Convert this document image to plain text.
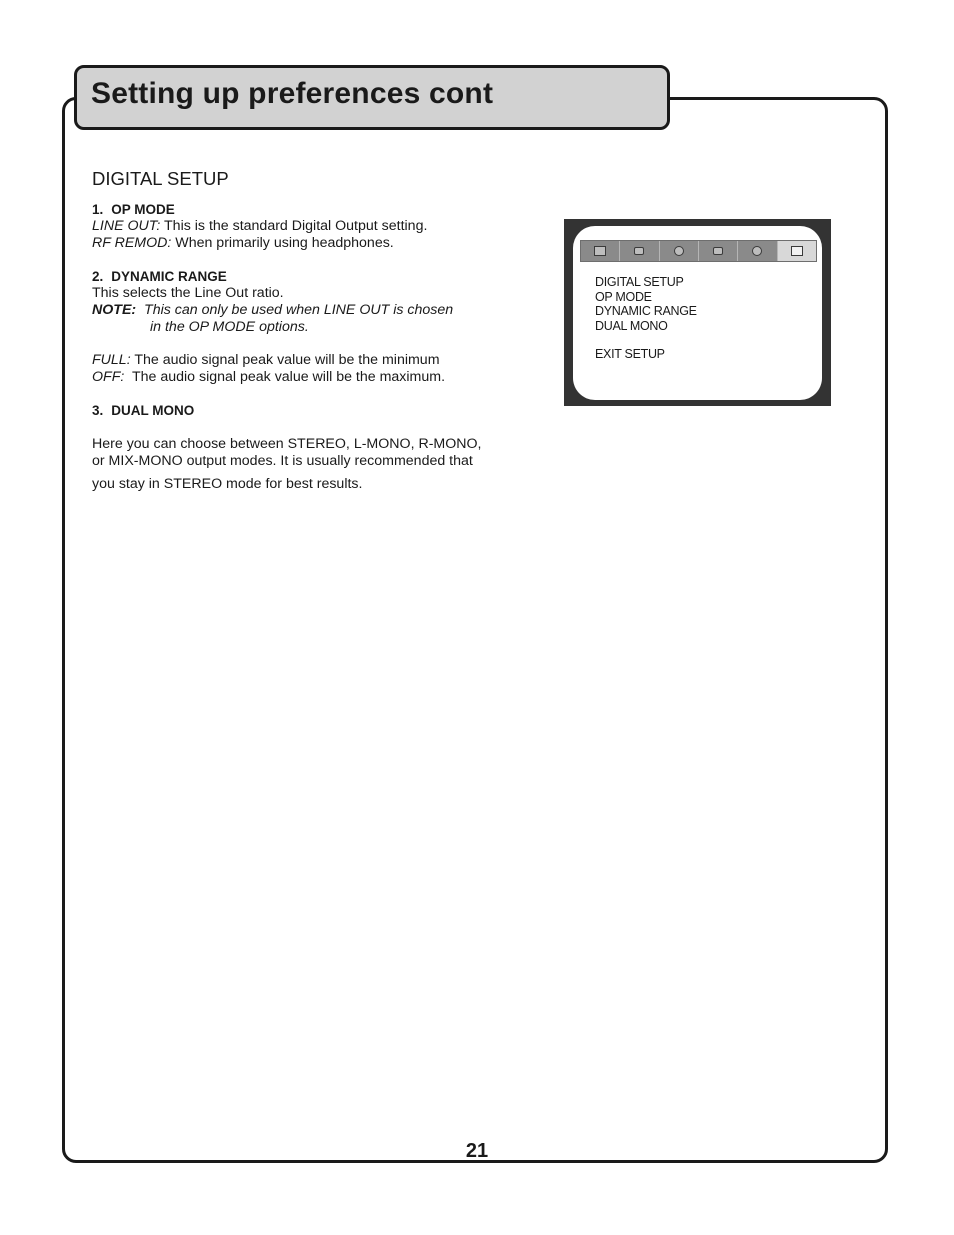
Setting up preferences cont
DIGITAL SETUP

1. OP MODE

LINE OUT: This is the standard Digital Output setting.

RF REMOD: When primarily using headphones.

2. DYNAMIC RANGE

This selects the Line Out ratio.

NOTE: This can only be used when LINE OUT is chosen

in the OP MODE options.

FULL: The audio signal peak value will be the minimum

OFF:  The audio signal peak value will be the maximum.

3. DUAL MONO

Here you can choose between STEREO, L-MONO, R-MONO,

or MIX-MONO output modes. It is usually recommended that

you stay in STEREO mode for best results.

DIGITAL SETUP

OP MODE

DYNAMIC RANGE

DUAL MONO

EXIT SETUP

21
